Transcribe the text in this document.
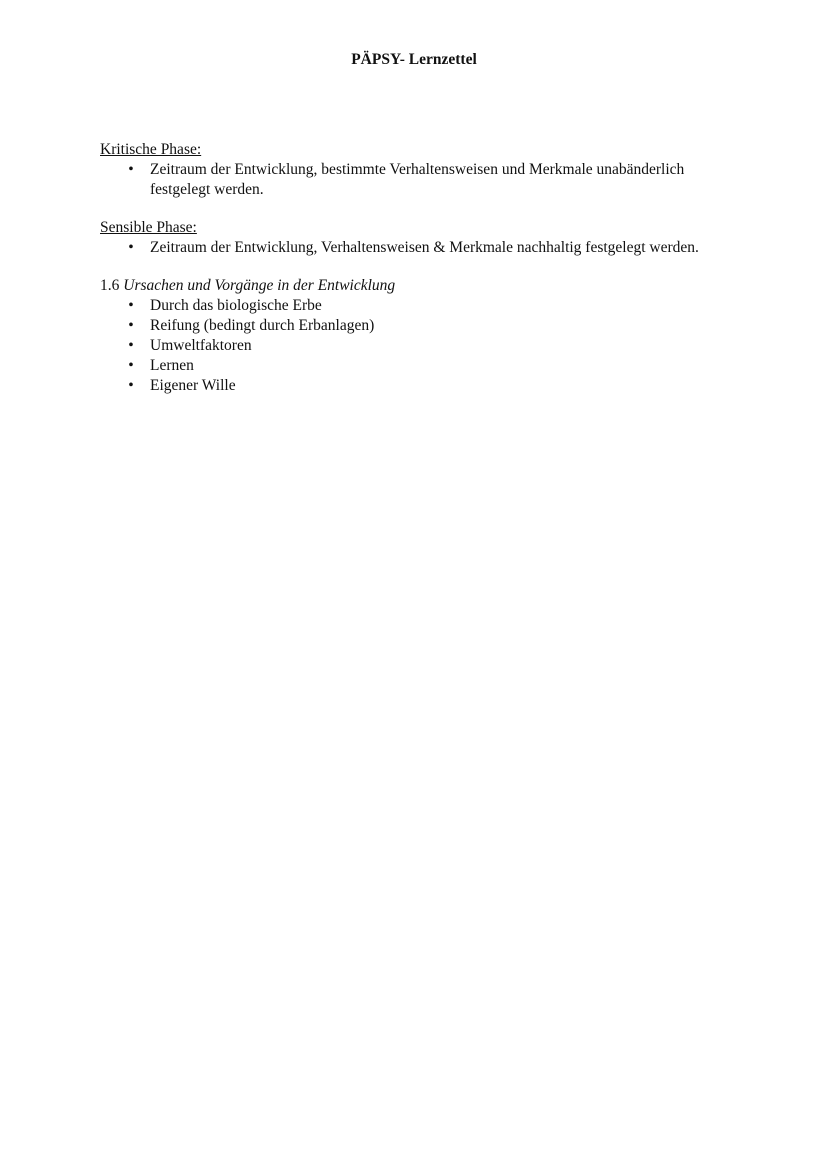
PÄPSY- Lernzettel
Kritische Phase:
• Zeitraum der Entwicklung, bestimmte Verhaltensweisen und Merkmale unabänderlich festgelegt werden.
Sensible Phase:
• Zeitraum der Entwicklung, Verhaltensweisen & Merkmale nachhaltig festgelegt werden.
1.6 Ursachen und Vorgänge in der Entwicklung
• Durch das biologische Erbe
• Reifung (bedingt durch Erbanlagen)
• Umweltfaktoren
• Lernen
• Eigener Wille
